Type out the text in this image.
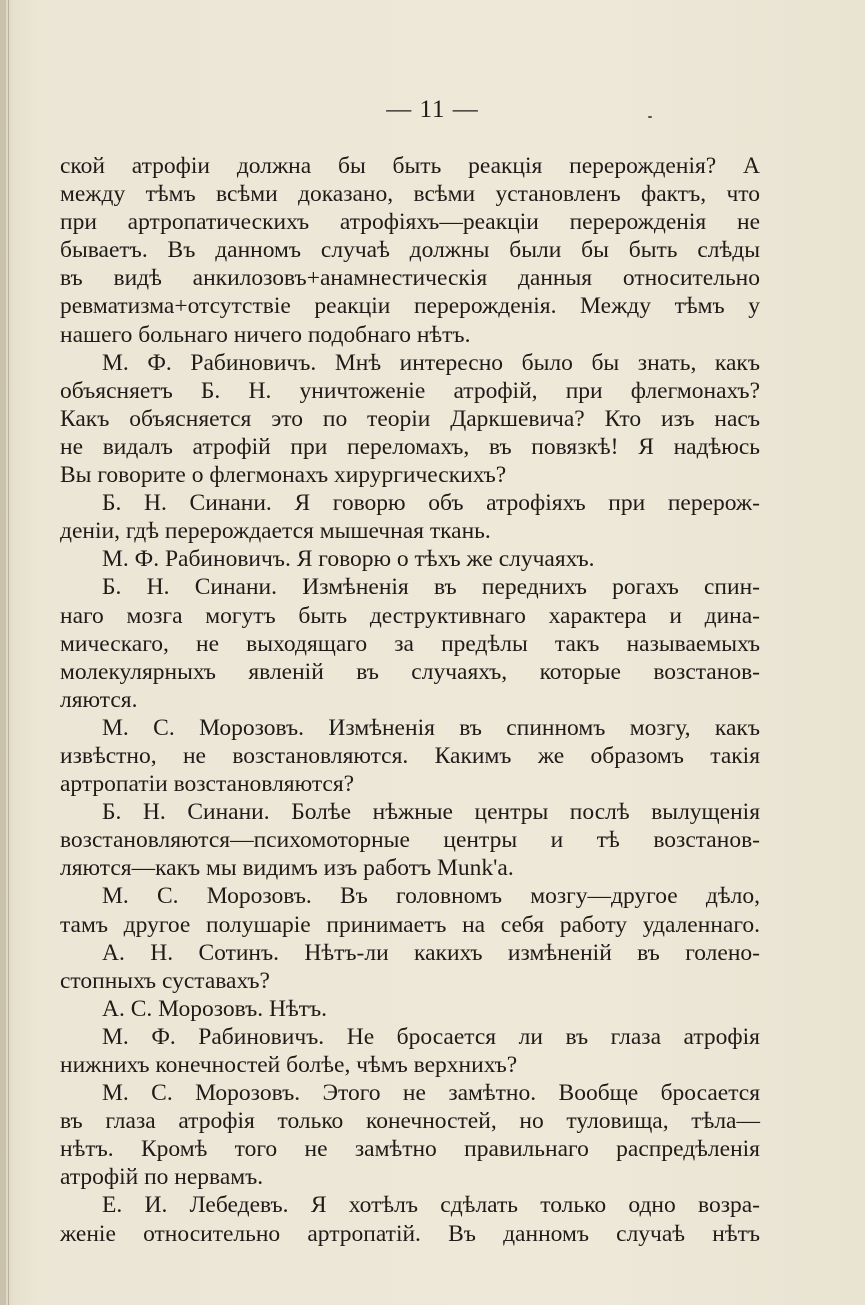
— 11 —
ской атрофіи должна бы быть реакція перерожденія? А
между тѣмъ всѣми доказано, всѣми установленъ фактъ, что
при артропатическихъ атрофіяхъ—реакціи перерожденія не
бываетъ. Въ данномъ случаѣ должны были бы быть слѣды
въ видѣ анкилозовъ+анамнестическія данныя относительно
ревматизма+отсутствіе реакціи перерожденія. Между тѣмъ у
нашего больнаго ничего подобнаго нѣтъ.
М. Ф. Рабиновичъ. Мнѣ интересно было бы знать, какъ
объясняетъ Б. Н. уничтоженіе атрофій, при флегмонахъ?
Какъ объясняется это по теоріи Даркшевича? Кто изъ насъ
не видалъ атрофій при переломахъ, въ повязкѣ! Я надѣюсь
Вы говорите о флегмонахъ хирургическихъ?
Б. Н. Синани. Я говорю объ атрофіяхъ при перерож-
деніи, гдѣ перерождается мышечная ткань.
М. Ф. Рабиновичъ. Я говорю о тѣхъ же случаяхъ.
Б. Н. Синани. Измѣненія въ переднихъ рогахъ спин-
наго мозга могутъ быть деструктивнаго характера и дина-
мическаго, не выходящаго за предѣлы такъ называемыхъ
молекулярныхъ явленій въ случаяхъ, которые возстанов-
ляются.
М. С. Морозовъ. Измѣненія въ спинномъ мозгу, какъ
извѣстно, не возстановляются. Какимъ же образомъ такія
артропатіи возстановляются?
Б. Н. Синани. Болѣе нѣжные центры послѣ вылущенія
возстановляются—психомоторные центры и тѣ возстанов-
ляются—какъ мы видимъ изъ работъ Munk'a.
М. С. Морозовъ. Въ головномъ мозгу—другое дѣло,
тамъ другое полушаріе принимаетъ на себя работу удаленнаго.
А. Н. Сотинъ. Нѣтъ-ли какихъ измѣненій въ голено-
стопныхъ суставахъ?
А. С. Морозовъ. Нѣтъ.
М. Ф. Рабиновичъ. Не бросается ли въ глаза атрофія
нижнихъ конечностей болѣе, чѣмъ верхнихъ?
М. С. Морозовъ. Этого не замѣтно. Вообще бросается
въ глаза атрофія только конечностей, но туловища, тѣла—
нѣтъ. Кромѣ того не замѣтно правильнаго распредѣленія
атрофій по нервамъ.
Е. И. Лебедевъ. Я хотѣлъ сдѣлать только одно возра-
женіе относительно артропатій. Въ данномъ случаѣ нѣтъ
